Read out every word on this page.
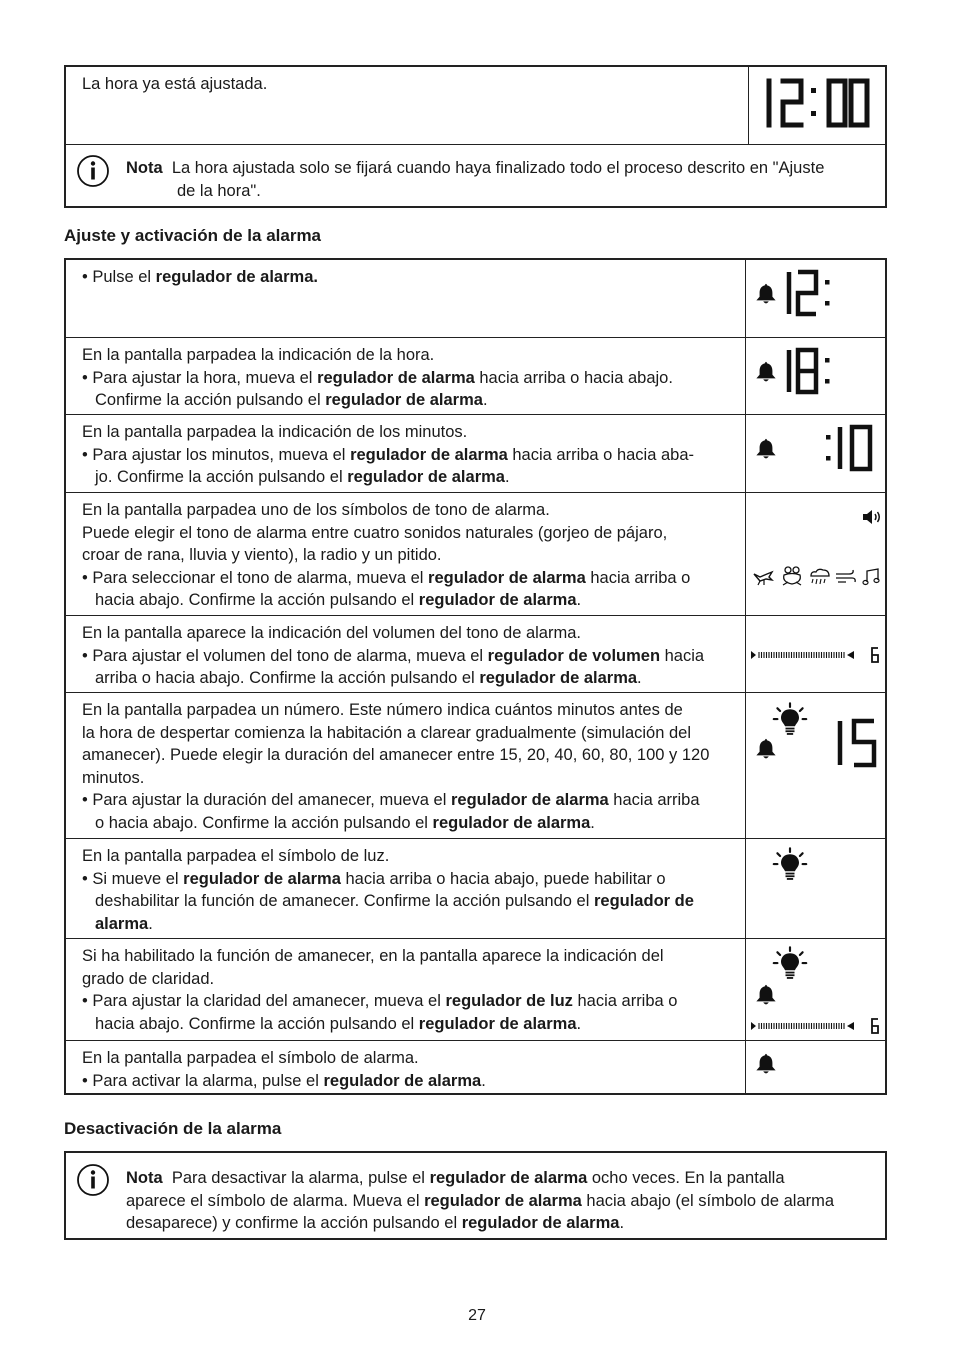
La hora ya está ajustada.
Nota La hora ajustada solo se fijará cuando haya finalizado todo el proceso descrito en "Ajuste
de la hora".
Ajuste y activación de la alarma
• Pulse el regulador de alarma.
En la pantalla parpadea la indicación de la hora.
• Para ajustar la hora, mueva el regulador de alarma hacia arriba o hacia abajo.
Confirme la acción pulsando el regulador de alarma.
En la pantalla parpadea la indicación de los minutos.
• Para ajustar los minutos, mueva el regulador de alarma hacia arriba o hacia aba-
jo. Confirme la acción pulsando el regulador de alarma.
En la pantalla parpadea uno de los símbolos de tono de alarma.
Puede elegir el tono de alarma entre cuatro sonidos naturales (gorjeo de pájaro,
croar de rana, lluvia y viento), la radio y un pitido.
• Para seleccionar el tono de alarma, mueva el regulador de alarma hacia arriba o
hacia abajo. Confirme la acción pulsando el regulador de alarma.
En la pantalla aparece la indicación del volumen del tono de alarma.
• Para ajustar el volumen del tono de alarma, mueva el regulador de volumen hacia
arriba o hacia abajo. Confirme la acción pulsando el regulador de alarma.
En la pantalla parpadea un número. Este número indica cuántos minutos antes de
la hora de despertar comienza la habitación a clarear gradualmente (simulación del
amanecer). Puede elegir la duración del amanecer entre 15, 20, 40, 60, 80, 100 y 120
minutos.
• Para ajustar la duración del amanecer, mueva el regulador de alarma hacia arriba
o hacia abajo. Confirme la acción pulsando el regulador de alarma.
En la pantalla parpadea el símbolo de luz.
• Si mueve el regulador de alarma hacia arriba o hacia abajo, puede habilitar o
deshabilitar la función de amanecer. Confirme la acción pulsando el regulador de
alarma.
Si ha habilitado la función de amanecer, en la pantalla aparece la indicación del
grado de claridad.
• Para ajustar la claridad del amanecer, mueva el regulador de luz hacia arriba o
hacia abajo. Confirme la acción pulsando el regulador de alarma.
En la pantalla parpadea el símbolo de alarma.
• Para activar la alarma, pulse el regulador de alarma.
Desactivación de la alarma
Nota Para desactivar la alarma, pulse el regulador de alarma ocho veces. En la pantalla
aparece el símbolo de alarma. Mueva el regulador de alarma hacia abajo (el símbolo de alarma
desaparece) y confirme la acción pulsando el regulador de alarma.
27
